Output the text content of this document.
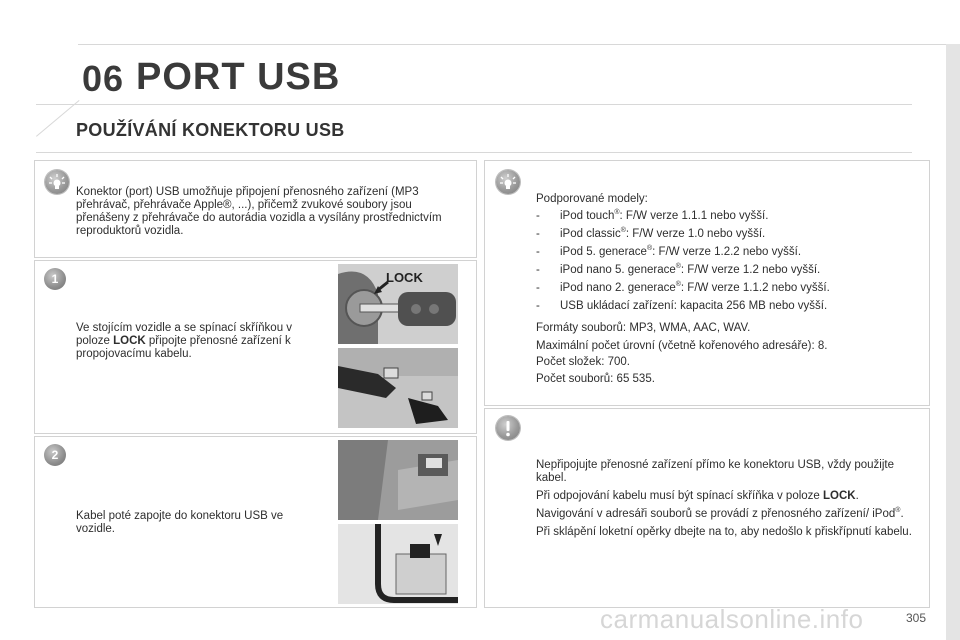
06 PORT USB
POUŽÍVÁNÍ KONEKTORU USB
Konektor (port) USB umožňuje připojení přenosného zařízení (MP3 přehrávač, přehrávače Apple®, ...), přičemž zvukové soubory jsou přenášeny z přehrávače do autorádia vozidla a vysílány prostřednictvím reproduktorů vozidla.
1
Ve stojícím vozidle a se spínací skříňkou v poloze LOCK připojte přenosné zařízení k propojovacímu kabelu.
LOCK
2
Kabel poté zapojte do konektoru USB ve vozidle.
Podporované modely:
- iPod touch®: F/W verze 1.1.1 nebo vyšší.
- iPod classic®: F/W verze 1.0 nebo vyšší.
- iPod 5. generace®: F/W verze 1.2.2 nebo vyšší.
- iPod nano 5. generace®: F/W verze 1.2 nebo vyšší.
- iPod nano 2. generace®: F/W verze 1.1.2 nebo vyšší.
- USB ukládací zařízení: kapacita 256 MB nebo vyšší.
Formáty souborů: MP3, WMA, AAC, WAV.
Maximální počet úrovní (včetně kořenového adresáře): 8.
Počet složek: 700.
Počet souborů: 65 535.

Nepřipojujte přenosné zařízení přímo ke konektoru USB, vždy použijte kabel.

Při odpojování kabelu musí být spínací skříňka v poloze LOCK.

Navigování v adresáři souborů se provádí z přenosného zařízení/ iPod®.

Při sklápění loketní opěrky dbejte na to, aby nedošlo k přiskřípnutí kabelu.

carmanualsonline.info	305
